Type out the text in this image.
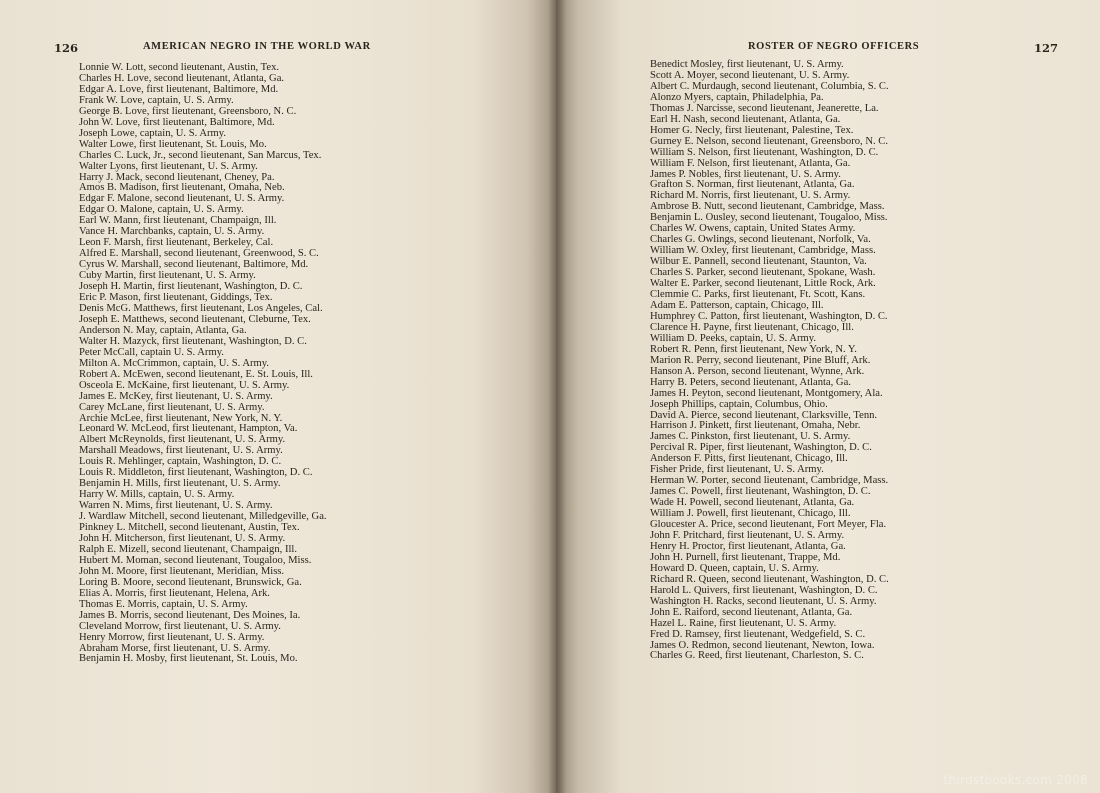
126	AMERICAN NEGRO IN THE WORLD WAR
Lonnie W. Lott, second lieutenant, Austin, Tex.
Charles H. Love, second lieutenant, Atlanta, Ga.
Edgar A. Love, first lieutenant, Baltimore, Md.
Frank W. Love, captain, U. S. Army.
George B. Love, first lieutenant, Greensboro, N. C.
John W. Love, first lieutenant, Baltimore, Md.
Joseph Lowe, captain, U. S. Army.
Walter Lowe, first lieutenant, St. Louis, Mo.
Charles C. Luck, Jr., second lieutenant, San Marcus, Tex.
Walter Lyons, first lieutenant, U. S. Army.
Harry J. Mack, second lieutenant, Cheney, Pa.
Amos B. Madison, first lieutenant, Omaha, Neb.
Edgar F. Malone, second lieutenant, U. S. Army.
Edgar O. Malone, captain, U. S. Army.
Earl W. Mann, first lieutenant, Champaign, Ill.
Vance H. Marchbanks, captain, U. S. Army.
Leon F. Marsh, first lieutenant, Berkeley, Cal.
Alfred E. Marshall, second lieutenant, Greenwood, S. C.
Cyrus W. Marshall, second lieutenant, Baltimore, Md.
Cuby Martin, first lieutenant, U. S. Army.
Joseph H. Martin, first lieutenant, Washington, D. C.
Eric P. Mason, first lieutenant, Giddings, Tex.
Denis McG. Matthews, first lieutenant, Los Angeles, Cal.
Joseph E. Matthews, second lieutenant, Cleburne, Tex.
Anderson N. May, captain, Atlanta, Ga.
Walter H. Mazyck, first lieutenant, Washington, D. C.
Peter McCall, captain U. S. Army.
Milton A. McCrimmon, captain, U. S. Army.
Robert A. McEwen, second lieutenant, E. St. Louis, Ill.
Osceola E. McKaine, first lieutenant, U. S. Army.
James E. McKey, first lieutenant, U. S. Army.
Carey McLane, first lieutenant, U. S. Army.
Archie McLee, first lieutenant, New York, N. Y.
Leonard W. McLeod, first lieutenant, Hampton, Va.
Albert McReynolds, first lieutenant, U. S. Army.
Marshall Meadows, first lieutenant, U. S. Army.
Louis R. Mehlinger, captain, Washington, D. C.
Louis R. Middleton, first lieutenant, Washington, D. C.
Benjamin H. Mills, first lieutenant, U. S. Army.
Harry W. Mills, captain, U. S. Army.
Warren N. Mims, first lieutenant, U. S. Army.
J. Wardlaw Mitchell, second lieutenant, Milledgeville, Ga.
Pinkney L. Mitchell, second lieutenant, Austin, Tex.
John H. Mitcherson, first lieutenant, U. S. Army.
Ralph E. Mizell, second lieutenant, Champaign, Ill.
Hubert M. Moman, second lieutenant, Tougaloo, Miss.
John M. Moore, first lieutenant, Meridian, Miss.
Loring B. Moore, second lieutenant, Brunswick, Ga.
Elias A. Morris, first lieutenant, Helena, Ark.
Thomas E. Morris, captain, U. S. Army.
James B. Morris, second lieutenant, Des Moines, Ia.
Cleveland Morrow, first lieutenant, U. S. Army.
Henry Morrow, first lieutenant, U. S. Army.
Abraham Morse, first lieutenant, U. S. Army.
Benjamin H. Mosby, first lieutenant, St. Louis, Mo.
ROSTER OF NEGRO OFFICERS	127
Benedict Mosley, first lieutenant, U. S. Army.
Scott A. Moyer, second lieutenant, U. S. Army.
Albert C. Murdaugh, second lieutenant, Columbia, S. C.
Alonzo Myers, captain, Philadelphia, Pa.
Thomas J. Narcisse, second lieutenant, Jeanerette, La.
Earl H. Nash, second lieutenant, Atlanta, Ga.
Homer G. Necly, first lieutenant, Palestine, Tex.
Gurney E. Nelson, second lieutenant, Greensboro, N. C.
William S. Nelson, first lieutenant, Washington, D. C.
William F. Nelson, first lieutenant, Atlanta, Ga.
James P. Nobles, first lieutenant, U. S. Army.
Grafton S. Norman, first lieutenant, Atlanta, Ga.
Richard M. Norris, first lieutenant, U. S. Army.
Ambrose B. Nutt, second lieutenant, Cambridge, Mass.
Benjamin L. Ousley, second lieutenant, Tougaloo, Miss.
Charles W. Owens, captain, United States Army.
Charles G. Owlings, second lieutenant, Norfolk, Va.
William W. Oxley, first lieutenant, Cambridge, Mass.
Wilbur E. Pannell, second lieutenant, Staunton, Va.
Charles S. Parker, second lieutenant, Spokane, Wash.
Walter E. Parker, second lieutenant, Little Rock, Ark.
Clemmie C. Parks, first lieutenant, Ft. Scott, Kans.
Adam E. Patterson, captain, Chicago, Ill.
Humphrey C. Patton, first lieutenant, Washington, D. C.
Clarence H. Payne, first lieutenant, Chicago, Ill.
William D. Peeks, captain, U. S. Army.
Robert R. Penn, first lieutenant, New York, N. Y.
Marion R. Perry, second lieutenant, Pine Bluff, Ark.
Hanson A. Person, second lieutenant, Wynne, Ark.
Harry B. Peters, second lieutenant, Atlanta, Ga.
James H. Peyton, second lieutenant, Montgomery, Ala.
Joseph Phillips, captain, Columbus, Ohio.
David A. Pierce, second lieutenant, Clarksville, Tenn.
Harrison J. Pinkett, first lieutenant, Omaha, Nebr.
James C. Pinkston, first lieutenant, U. S. Army.
Percival R. Piper, first lieutenant, Washington, D. C.
Anderson F. Pitts, first lieutenant, Chicago, Ill.
Fisher Pride, first lieutenant, U. S. Army.
Herman W. Porter, second lieutenant, Cambridge, Mass.
James C. Powell, first lieutenant, Washington, D. C.
Wade H. Powell, second lieutenant, Atlanta, Ga.
William J. Powell, first lieutenant, Chicago, Ill.
Gloucester A. Price, second lieutenant, Fort Meyer, Fla.
John F. Pritchard, first lieutenant, U. S. Army.
Henry H. Proctor, first lieutenant, Atlanta, Ga.
John H. Purnell, first lieutenant, Trappe, Md.
Howard D. Queen, captain, U. S. Army.
Richard R. Queen, second lieutenant, Washington, D. C.
Harold L. Quivers, first lieutenant, Washington, D. C.
Washington H. Racks, second lieutenant, U. S. Army.
John E. Raiford, second lieutenant, Atlanta, Ga.
Hazel L. Raine, first lieutenant, U. S. Army.
Fred D. Ramsey, first lieutenant, Wedgefield, S. C.
James O. Redmon, second lieutenant, Newton, Iowa.
Charles G. Reed, first lieutenant, Charleston, S. C.
thirdstbooks.com 2008
